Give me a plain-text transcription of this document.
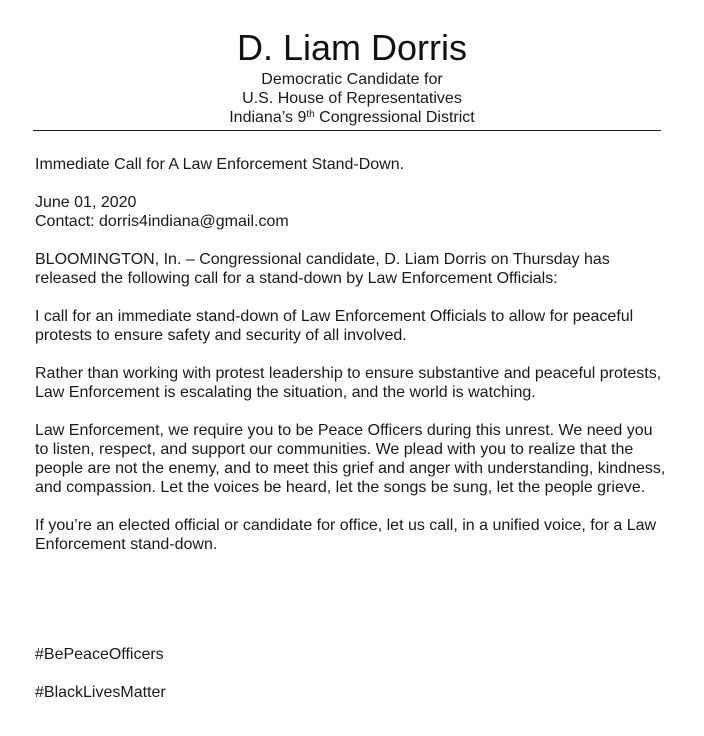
D. Liam Dorris

Democratic Candidate for

U.S. House of Representatives

Indiana’s 9th Congressional District

Immediate Call for A Law Enforcement Stand-Down.

June 01, 2020

Contact: dorris4indiana@gmail.com

BLOOMINGTON, In. – Congressional candidate, D. Liam Dorris on Thursday has released the following call for a stand-down by Law Enforcement Officials:

I call for an immediate stand-down of Law Enforcement Officials to allow for peaceful protests to ensure safety and security of all involved.

Rather than working with protest leadership to ensure substantive and peaceful protests, Law Enforcement is escalating the situation, and the world is watching.

Law Enforcement, we require you to be Peace Officers during this unrest. We need you to listen, respect, and support our communities. We plead with you to realize that the people are not the enemy, and to meet this grief and anger with understanding, kindness, and compassion. Let the voices be heard, let the songs be sung, let the people grieve.

If you’re an elected official or candidate for office, let us call, in a unified voice, for a Law Enforcement stand-down.

#BePeaceOfficers

#BlackLivesMatter
